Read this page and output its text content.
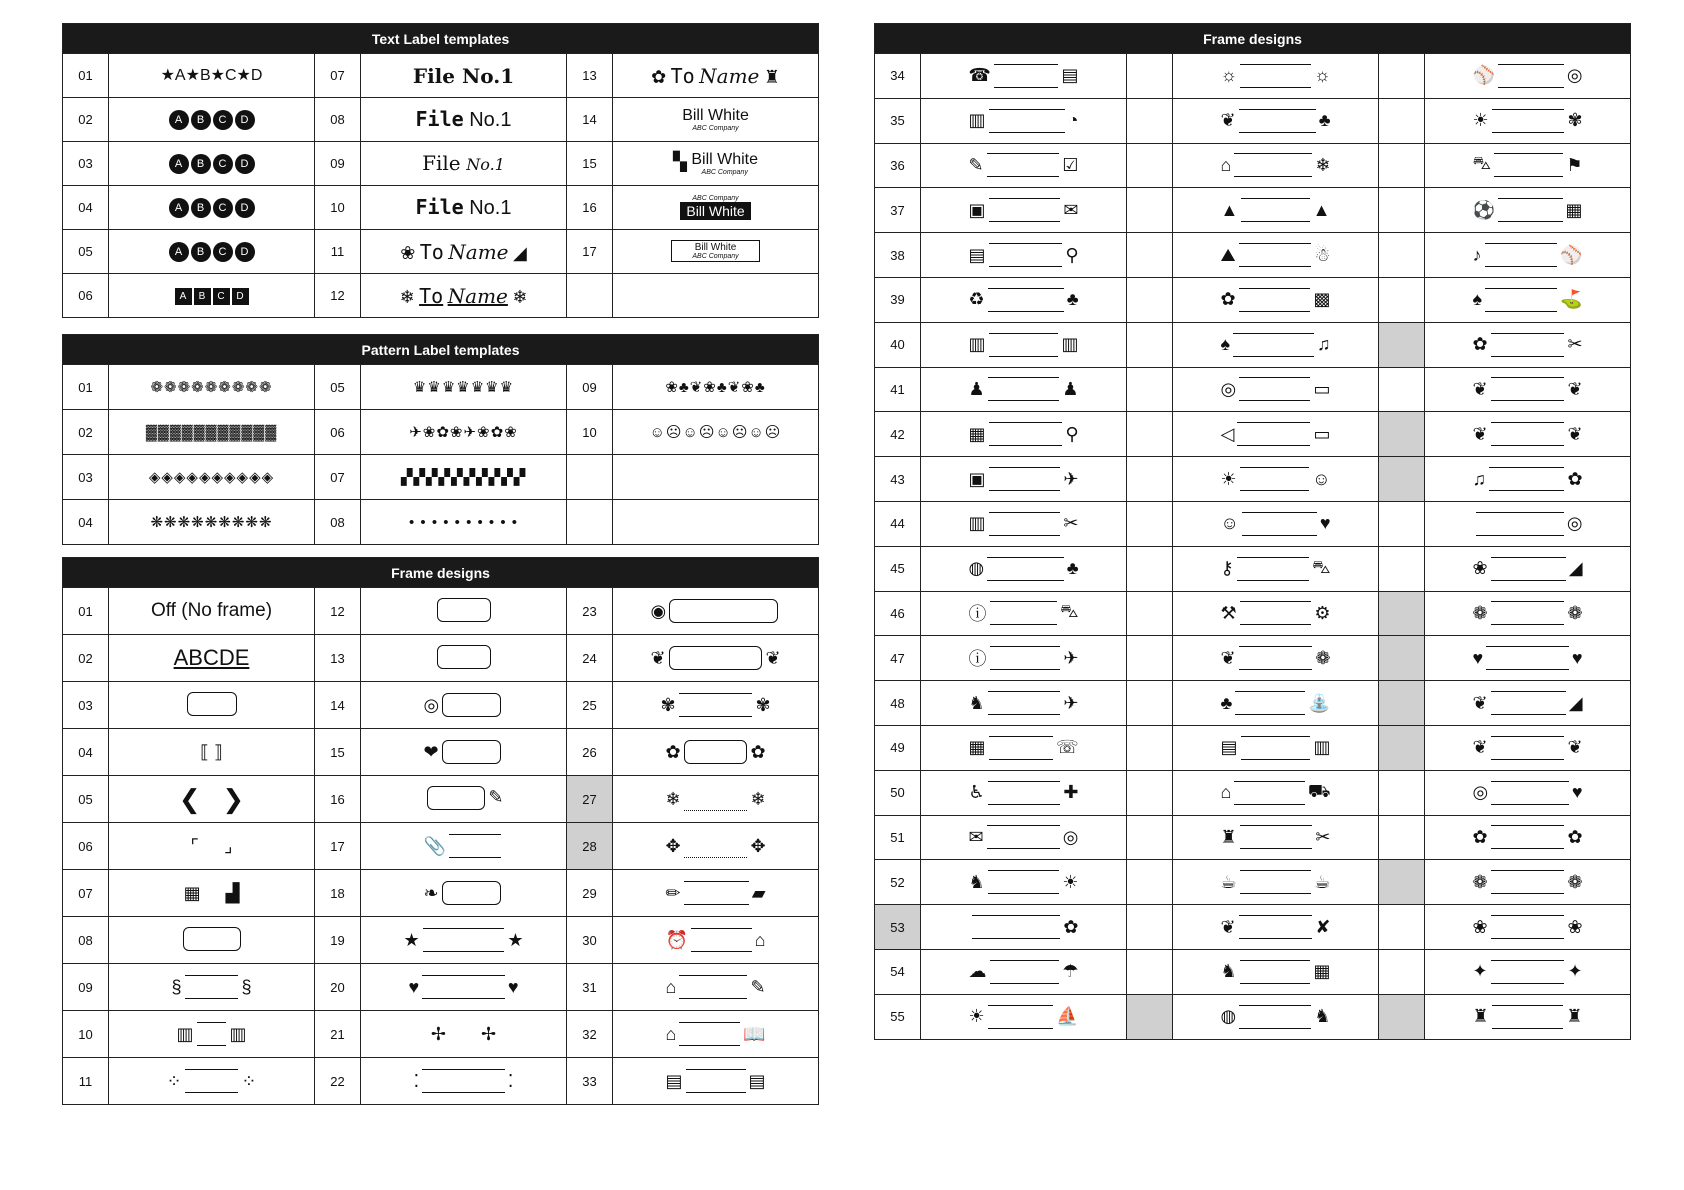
Text Label templates					
01	★A★B★C★D	07	File No.1	13	✿ To Name ♜
02	A B C D	08	File No.1	14	Bill White
ABC Company

03	A B C D	09	File No.1	15	▚ Bill White
ABC Company

04	A B C D	10	File No.1	16	ABC Company
Bill White
05	A B C D	11	❀ To Name ◢	17	Bill White
ABC Company

06	A B C D	12	❄ To Name ❄		
Pattern Label templates					
01	❁❁❁❁❁❁❁❁❁	05	♛♛♛♛♛♛♛	09	❀♣❦❀♣❦❀♣
02	▓▓▓▓▓▓▓▓▓▓▓	06	✈❀✿❀✈❀✿❀	10	☺☹☺☹☺☹☺☹
03	◈◈◈◈◈◈◈◈◈◈	07	▞▞▞▞▞▞▞▞▞▞		
04	❋❋❋❋❋❋❋❋❋	08	• • • • • • • • • •		
Frame designs					
01	Off (No frame)	12		23	◉

02	ABCDE	13		24	❦ ❦

03		14	◎	25	✾ ✾

04	⟦ ⟧	15	❤	26	✿ ✿

05	❮   ❯	16	✎	27	❄ ❄

06	⌜     ⌟	17	📎	28	✥ ✥

07	▦     ▟	18	❧	29	✏ ▰

08		19	★ ★	30	⏰ ⌂

09	§ §	20	♥ ♥	31	⌂ ✎

10	▥ ▥	21	✢       ✢	32	⌂ 📖

11	⁘ ⁘	22	⁚ ⁚	33	▤ ▤
Frame designs					
34	☎ ▤		☼ ☼		⚾ ◎

35	▥ ◔		❦ ♣		☀ ✾

36	✎ ☑		⌂ ❄		⛍ ⚑

37	▣ ✉		▲ ▲		⚽ ▦

38	▤ ⚲		⛰ ☃		♪ ⚾

39	♻ ♣		✿ ▩		♠ ⛳

40	▥ ▥		♠ ♫		✿ ✂

41	♟ ♟		◎ ▭		❦ ❦

42	▦ ⚲		◁ ▭		❦ ❦

43	▣ ✈		☀ ☺		♫ ✿

44	▥ ✂		☺ ♥		◎

45	◍ ♣		⚷ ⛍		❀ ◢

46	ⓘ ⛍		⚒ ⚙		❁ ❁

47	ⓘ ✈		❦ ❁		♥ ♥

48	♞ ✈		♣ ⛲		❦ ◢

49	▦ ☏		▤ ▥		❦ ❦

50	♿ ✚		⌂ ⛟		◎ ♥

51	✉ ◎		♜ ✂		✿ ✿

52	♞ ☀		☕ ☕		❁ ❁

53	✿		❦ ✘		❀ ❀

54	☁ ☂		♞ ▦		✦ ✦

55	☀ ⛵		◍ ♞		♜ ♜
